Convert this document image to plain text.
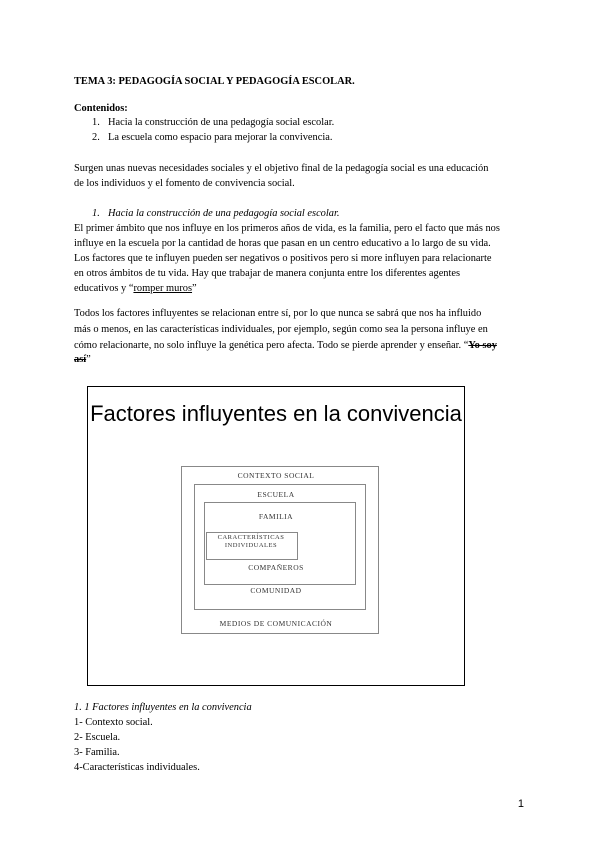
TEMA 3: PEDAGOGÍA SOCIAL Y PEDAGOGÍA ESCOLAR.
Contenidos:
1. Hacia la construcción de una pedagogía social escolar.
2. La escuela como espacio para mejorar la convivencia.
Surgen unas nuevas necesidades sociales y el objetivo final de la pedagogía social es una educación
de los individuos y el fomento de convivencia social.
1. Hacia la construcción de una pedagogía social escolar.
El primer ámbito que nos influye en los primeros años de vida, es la familia, pero el facto que más nos
influye en la escuela por la cantidad de horas que pasan en un centro educativo a lo largo de su vida.
Los factores que te influyen pueden ser negativos o positivos pero si more influyen para relacionarte
en otros ámbitos de tu vida. Hay que trabajar de manera conjunta entre los diferentes agentes
educativos y “romper muros”
Todos los factores influyentes se relacionan entre sí, por lo que nunca se sabrá que nos ha influido
más o menos, en las características individuales, por ejemplo, según como sea la persona influye en
cómo relacionarte, no solo influye la genética pero afecta. Todo se pierde aprender y enseñar. “Yo soy
así”
Factores influyentes en la convivencia
CONTEXTO SOCIAL
ESCUELA
FAMILIA
CARACTERÍSTICAS
INDIVIDUALES
COMPAÑEROS
COMUNIDAD
MEDIOS DE COMUNICACIÓN
1. 1 Factores influyentes en la convivencia
1- Contexto social.
2- Escuela.
3- Familia.
4-Características individuales.
1
